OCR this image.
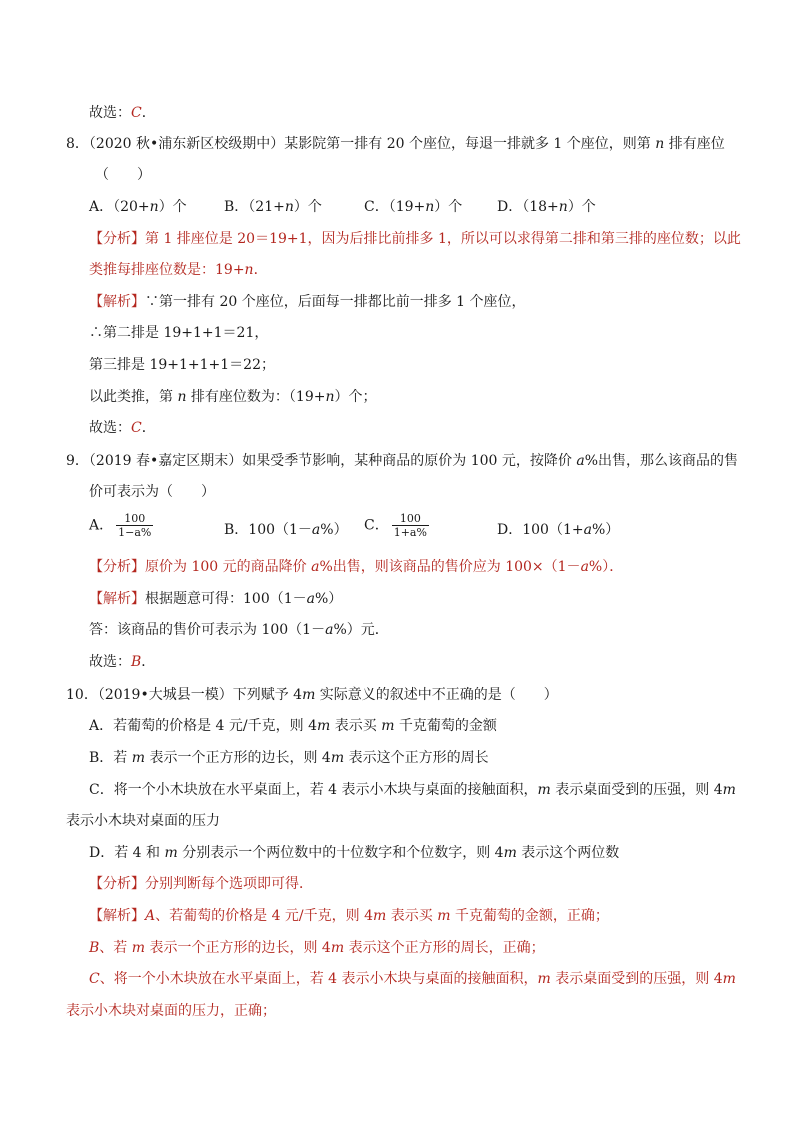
故选：C．
8．（2020 秋•浦东新区校级期中）某影院第一排有 20 个座位，每退一排就多 1 个座位，则第 n 排有座位
（　　）
A．（20+n）个	B．（21+n）个	C．（19+n）个 D．（18+n）个
【分析】第 1 排座位是 20＝19+1，因为后排比前排多 1，所以可以求得第二排和第三排的座位数；以此
类推每排座位数是：19+n．
【解析】∵第一排有 20 个座位，后面每一排都比前一排多 1 个座位，
∴第二排是 19+1+1＝21，
第三排是 19+1+1+1＝22；
以此类推，第 n 排有座位数为：（19+n）个；
故选：C．
9．（2019 春•嘉定区期末）如果受季节影响，某种商品的原价为 100 元，按降价 a%出售，那么该商品的售
价可表示为（　　）
A． $\frac{100}{1-a\%}$	B．100（1－a%） C． $\frac{100}{1+a\%}$	D．100（1+a%）
【分析】原价为 100 元的商品降价 a%出售，则该商品的售价应为 100×（1－a%）．
【解析】根据题意可得：100（1－a%）
答：该商品的售价可表示为 100（1－a%）元．
故选：B．
10．（2019•大城县一模）下列赋予 4m 实际意义的叙述中不正确的是（　　）
A．若葡萄的价格是 4 元/千克，则 4m 表示买 m 千克葡萄的金额
B．若 m 表示一个正方形的边长，则 4m 表示这个正方形的周长
C．将一个小木块放在水平桌面上，若 4 表示小木块与桌面的接触面积，m 表示桌面受到的压强，则 4m
表示小木块对桌面的压力
D．若 4 和 m 分别表示一个两位数中的十位数字和个位数字，则 4m 表示这个两位数
【分析】分别判断每个选项即可得．
【解析】A、若葡萄的价格是 4 元/千克，则 4m 表示买 m 千克葡萄的金额，正确；
B、若 m 表示一个正方形的边长，则 4m 表示这个正方形的周长，正确；
C、将一个小木块放在水平桌面上，若 4 表示小木块与桌面的接触面积，m 表示桌面受到的压强，则 4m
表示小木块对桌面的压力，正确；
